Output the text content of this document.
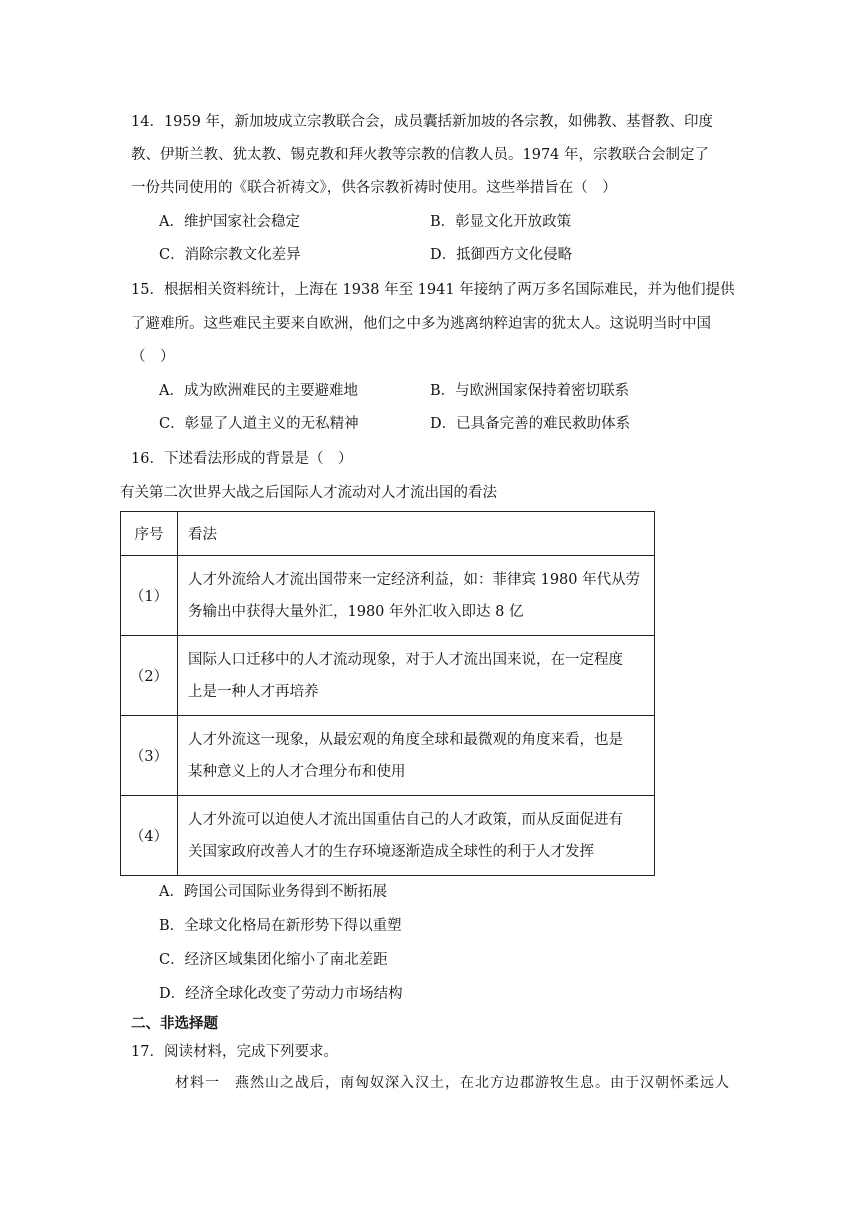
14．1959 年，新加坡成立宗教联合会，成员囊括新加坡的各宗教，如佛教、基督教、印度
教、伊斯兰教、犹太教、锡克教和拜火教等宗教的信教人员。1974 年，宗教联合会制定了
一份共同使用的《联合祈祷文》，供各宗教祈祷时使用。这些举措旨在（　）
A．维护国家社会稳定	B．彰显文化开放政策
C．消除宗教文化差异	D．抵御西方文化侵略
15．根据相关资料统计，上海在 1938 年至 1941 年接纳了两万多名国际难民，并为他们提供
了避难所。这些难民主要来自欧洲，他们之中多为逃离纳粹迫害的犹太人。这说明当时中国
（　）
A．成为欧洲难民的主要避难地	B．与欧洲国家保持着密切联系
C．彰显了人道主义的无私精神	D．已具备完善的难民救助体系
16．下述看法形成的背景是（　）
有关第二次世界大战之后国际人才流动对人才流出国的看法
序号	看法
（1）	人才外流给人才流出国带来一定经济利益，如：菲律宾 1980 年代从劳
务输出中获得大量外汇，1980 年外汇收入即达 8 亿

（2）	国际人口迁移中的人才流动现象，对于人才流出国来说，在一定程度
上是一种人才再培养

（3）	人才外流这一现象，从最宏观的角度全球和最微观的角度来看，也是
某种意义上的人才合理分布和使用

（4）	人才外流可以迫使人才流出国重估自己的人才政策，而从反面促进有
关国家政府改善人才的生存环境逐渐造成全球性的利于人才发挥
A．跨国公司国际业务得到不断拓展
B．全球文化格局在新形势下得以重塑
C．经济区域集团化缩小了南北差距
D．经济全球化改变了劳动力市场结构
二、非选择题
17．阅读材料，完成下列要求。
材料一　燕然山之战后，南匈奴深入汉土，在北方边郡游牧生息。由于汉朝怀柔远人
